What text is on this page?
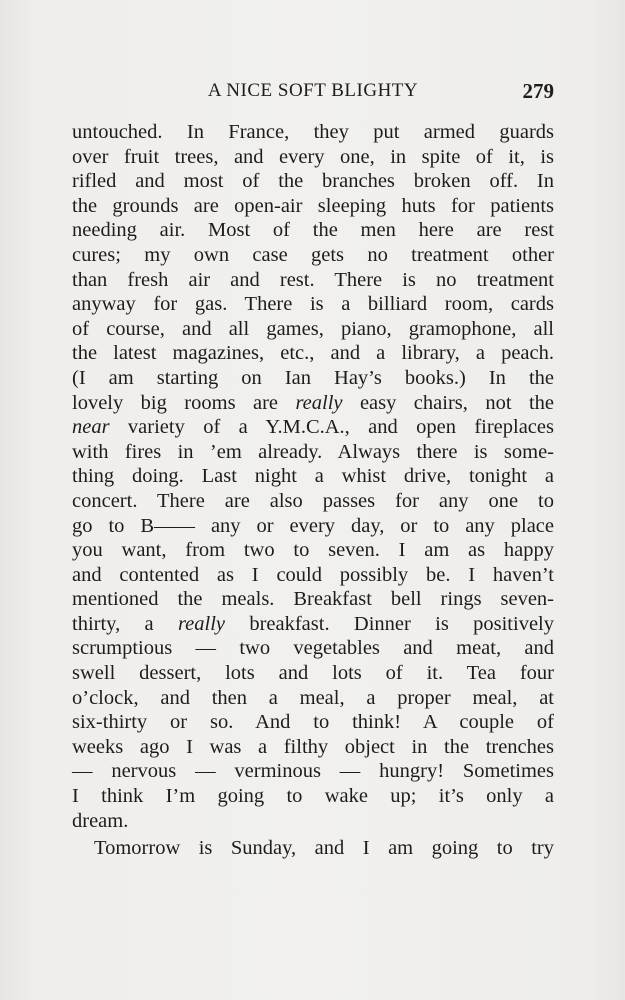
A NICE SOFT BLIGHTY	279
untouched. In France, they put armed guards
over fruit trees, and every one, in spite of it, is
rifled and most of the branches broken off. In
the grounds are open-air sleeping huts for patients
needing air. Most of the men here are rest
cures; my own case gets no treatment other
than fresh air and rest. There is no treatment
anyway for gas. There is a billiard room, cards
of course, and all games, piano, gramophone, all
the latest magazines, etc., and a library, a peach.
(I am starting on Ian Hay’s books.) In the
lovely big rooms are really easy chairs, not the
near variety of a Y.M.C.A., and open fireplaces
with fires in ’em already. Always there is some-
thing doing. Last night a whist drive, tonight a
concert. There are also passes for any one to
go to B—— any or every day, or to any place
you want, from two to seven. I am as happy
and contented as I could possibly be. I haven’t
mentioned the meals. Breakfast bell rings seven-
thirty, a really breakfast. Dinner is positively
scrumptious — two vegetables and meat, and
swell dessert, lots and lots of it. Tea four
o’clock, and then a meal, a proper meal, at
six-thirty or so. And to think! A couple of
weeks ago I was a filthy object in the trenches
— nervous — verminous — hungry! Sometimes
I think I’m going to wake up; it’s only a
dream.
Tomorrow is Sunday, and I am going to try
